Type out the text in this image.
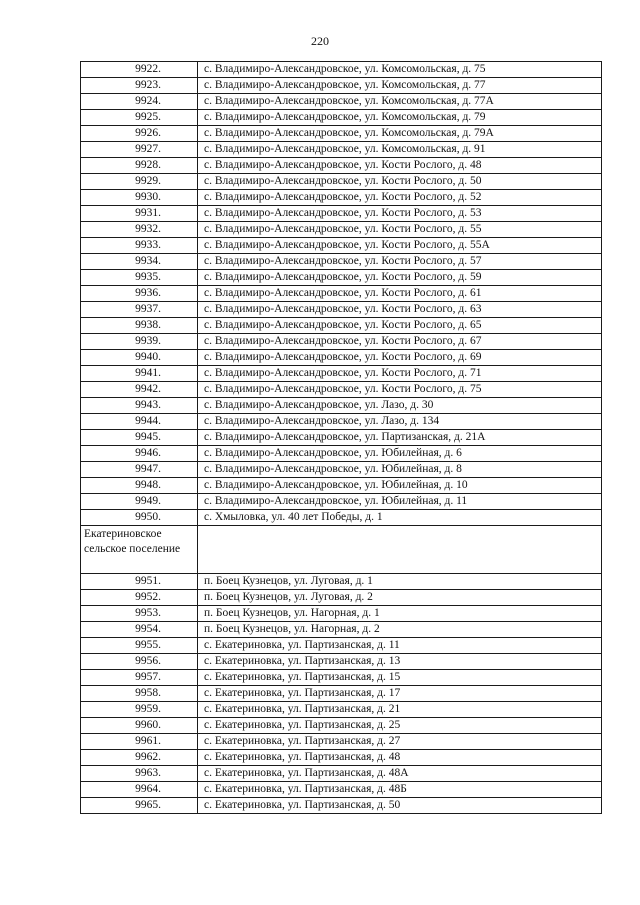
220
9922.	с. Владимиро-Александровское, ул. Комсомольская, д. 75
9923.	с. Владимиро-Александровское, ул. Комсомольская, д. 77
9924.	с. Владимиро-Александровское, ул. Комсомольская, д. 77А
9925.	с. Владимиро-Александровское, ул. Комсомольская, д. 79
9926.	с. Владимиро-Александровское, ул. Комсомольская, д. 79А
9927.	с. Владимиро-Александровское, ул. Комсомольская, д. 91
9928.	с. Владимиро-Александровское, ул. Кости Рослого, д. 48
9929.	с. Владимиро-Александровское, ул. Кости Рослого, д. 50
9930.	с. Владимиро-Александровское, ул. Кости Рослого, д. 52
9931.	с. Владимиро-Александровское, ул. Кости Рослого, д. 53
9932.	с. Владимиро-Александровское, ул. Кости Рослого, д. 55
9933.	с. Владимиро-Александровское, ул. Кости Рослого, д. 55А
9934.	с. Владимиро-Александровское, ул. Кости Рослого, д. 57
9935.	с. Владимиро-Александровское, ул. Кости Рослого, д. 59
9936.	с. Владимиро-Александровское, ул. Кости Рослого, д. 61
9937.	с. Владимиро-Александровское, ул. Кости Рослого, д. 63
9938.	с. Владимиро-Александровское, ул. Кости Рослого, д. 65
9939.	с. Владимиро-Александровское, ул. Кости Рослого, д. 67
9940.	с. Владимиро-Александровское, ул. Кости Рослого, д. 69
9941.	с. Владимиро-Александровское, ул. Кости Рослого, д. 71
9942.	с. Владимиро-Александровское, ул. Кости Рослого, д. 75
9943.	с. Владимиро-Александровское, ул. Лазо, д. 30
9944.	с. Владимиро-Александровское, ул. Лазо, д. 134
9945.	с. Владимиро-Александровское, ул. Партизанская, д. 21А
9946.	с. Владимиро-Александровское, ул. Юбилейная, д. 6
9947.	с. Владимиро-Александровское, ул. Юбилейная, д. 8
9948.	с. Владимиро-Александровское, ул. Юбилейная, д. 10
9949.	с. Владимиро-Александровское, ул. Юбилейная, д. 11
9950.	с. Хмыловка, ул. 40 лет Победы, д. 1
Екатериновское сельское поселение	
9951.	п. Боец Кузнецов, ул. Луговая, д. 1
9952.	п. Боец Кузнецов, ул. Луговая, д. 2
9953.	п. Боец Кузнецов, ул. Нагорная, д. 1
9954.	п. Боец Кузнецов, ул. Нагорная, д. 2
9955.	с. Екатериновка, ул. Партизанская, д. 11
9956.	с. Екатериновка, ул. Партизанская, д. 13
9957.	с. Екатериновка, ул. Партизанская, д. 15
9958.	с. Екатериновка, ул. Партизанская, д. 17
9959.	с. Екатериновка, ул. Партизанская, д. 21
9960.	с. Екатериновка, ул. Партизанская, д. 25
9961.	с. Екатериновка, ул. Партизанская, д. 27
9962.	с. Екатериновка, ул. Партизанская, д. 48
9963.	с. Екатериновка, ул. Партизанская, д. 48А
9964.	с. Екатериновка, ул. Партизанская, д. 48Б
9965.	с. Екатериновка, ул. Партизанская, д. 50
